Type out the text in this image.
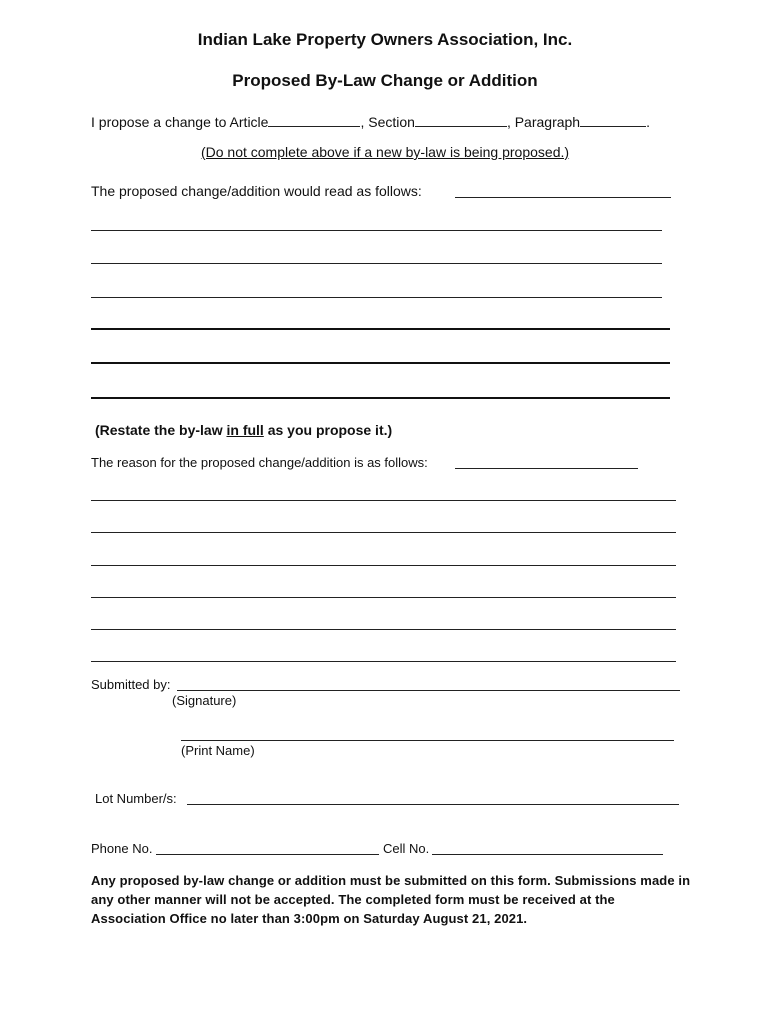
Indian Lake Property Owners Association, Inc.
Proposed By-Law Change or Addition
I propose a change to Article	, Section	, Paragraph	.
(Do not complete above if a new by-law is being proposed.)
The proposed change/addition would read as follows:
(Restate the by-law in full as you propose it.)
The reason for the proposed change/addition is as follows:
Submitted by:
(Signature)
(Print Name)
Lot Number/s:
Phone No.	Cell No.
Any proposed by-law change or addition must be submitted on this form. Submissions made in any other manner will not be accepted. The completed form must be received at the Association Office no later than 3:00pm on Saturday August 21, 2021.
